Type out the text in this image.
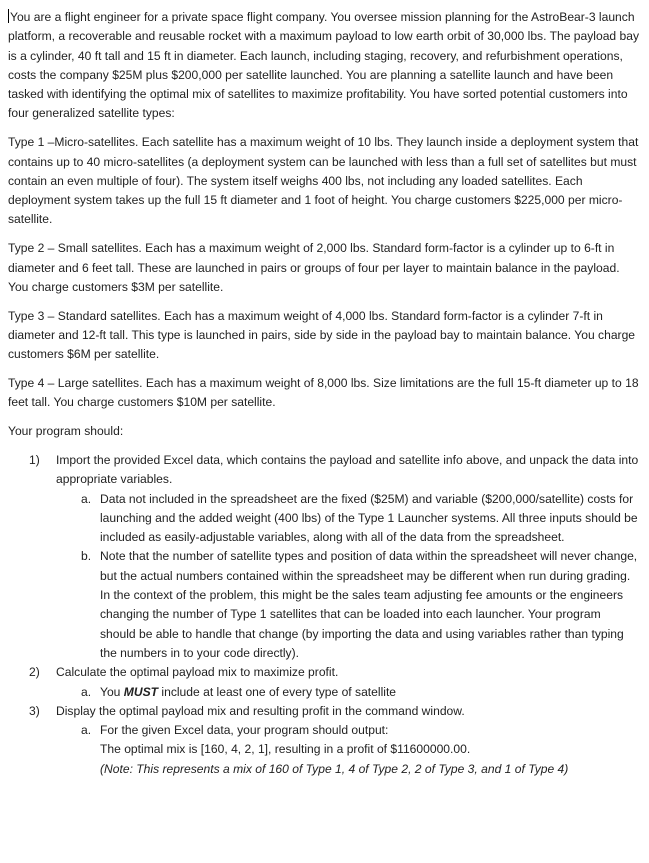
You are a flight engineer for a private space flight company. You oversee mission planning for the AstroBear-3 launch platform, a recoverable and reusable rocket with a maximum payload to low earth orbit of 30,000 lbs. The payload bay is a cylinder, 40 ft tall and 15 ft in diameter. Each launch, including staging, recovery, and refurbishment operations, costs the company $25M plus $200,000 per satellite launched. You are planning a satellite launch and have been tasked with identifying the optimal mix of satellites to maximize profitability. You have sorted potential customers into four generalized satellite types:

Type 1 –Micro-satellites. Each satellite has a maximum weight of 10 lbs. They launch inside a deployment system that contains up to 40 micro-satellites (a deployment system can be launched with less than a full set of satellites but must contain an even multiple of four). The system itself weighs 400 lbs, not including any loaded satellites. Each deployment system takes up the full 15 ft diameter and 1 foot of height. You charge customers $225,000 per micro-satellite.

Type 2 – Small satellites. Each has a maximum weight of 2,000 lbs. Standard form-factor is a cylinder up to 6-ft in diameter and 6 feet tall. These are launched in pairs or groups of four per layer to maintain balance in the payload. You charge customers $3M per satellite.

Type 3 – Standard satellites. Each has a maximum weight of 4,000 lbs. Standard form-factor is a cylinder 7-ft in diameter and 12-ft tall. This type is launched in pairs, side by side in the payload bay to maintain balance. You charge customers $6M per satellite.

Type 4 – Large satellites. Each has a maximum weight of 8,000 lbs. Size limitations are the full 15-ft diameter up to 18 feet tall. You charge customers $10M per satellite.

Your program should:

1) Import the provided Excel data, which contains the payload and satellite info above, and unpack the data into appropriate variables.
a. Data not included in the spreadsheet are the fixed ($25M) and variable ($200,000/satellite) costs for launching and the added weight (400 lbs) of the Type 1 Launcher systems. All three inputs should be included as easily-adjustable variables, along with all of the data from the spreadsheet.
b. Note that the number of satellite types and position of data within the spreadsheet will never change, but the actual numbers contained within the spreadsheet may be different when run during grading. In the context of the problem, this might be the sales team adjusting fee amounts or the engineers changing the number of Type 1 satellites that can be loaded into each launcher. Your program should be able to handle that change (by importing the data and using variables rather than typing the numbers in to your code directly).
2) Calculate the optimal payload mix to maximize profit.
a. You MUST include at least one of every type of satellite
3) Display the optimal payload mix and resulting profit in the command window.
a. For the given Excel data, your program should output:
The optimal mix is [160, 4, 2, 1], resulting in a profit of $11600000.00.
(Note: This represents a mix of 160 of Type 1, 4 of Type 2, 2 of Type 3, and 1 of Type 4)
